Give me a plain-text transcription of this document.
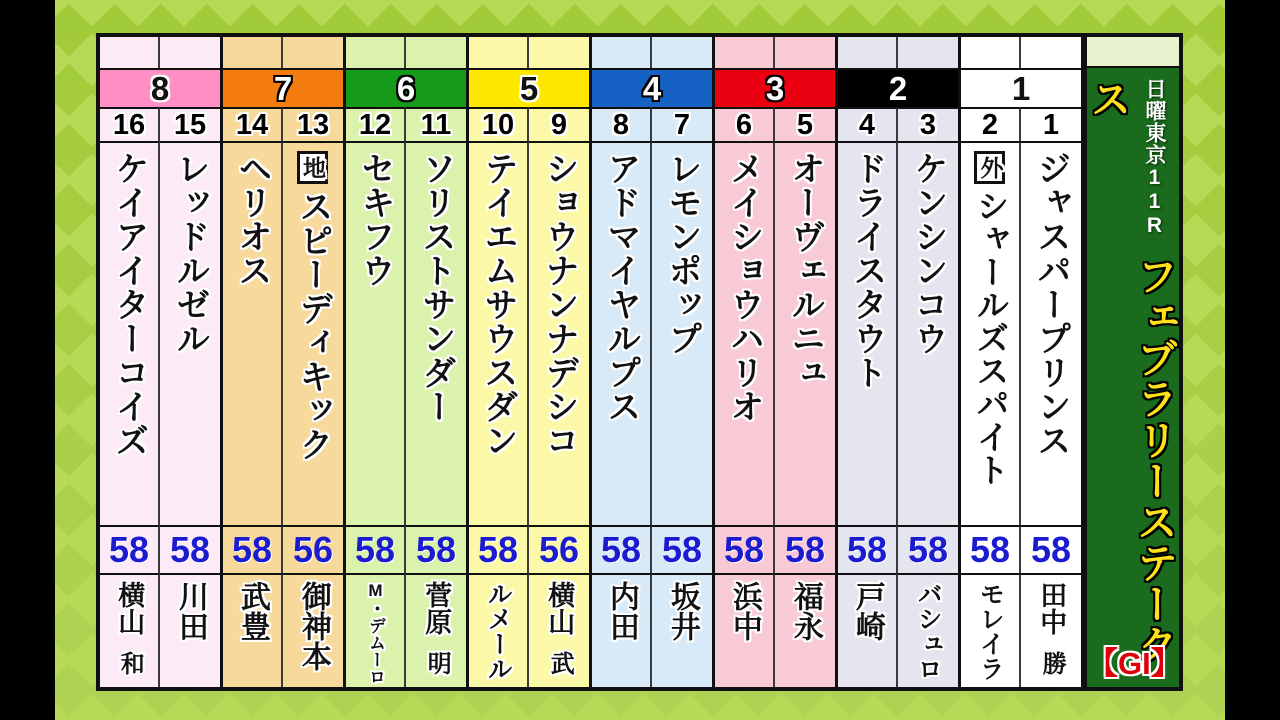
8
16 15
ケイアイターコイズ レッドルゼル
58 58
横山和
川田
7
14 13
ヘリオス 地スピーディキック
58 56
武豊 御神本
6
12 11
セキフウ ソリストサンダー
58 58
M・デムーロ 菅原明
5
10 9
テイエムサウスダン ショウナンナデシコ
58 56
ルメール 横山武
4
8 7
アドマイヤルプス レモンポップ
58 58
内田 坂井
3
6 5
メイショウハリオ オーヴェルニュ
58 58
浜中 福永
2
4 3
ドライスタウト ケンシンコウ
58 58
戸崎 バシュロ
1
2 1
外シャールズスパイト ジャスパープリンス
58 58
モレイラ 田中勝
日曜東京11R フェブラリーステークス
【GI】
